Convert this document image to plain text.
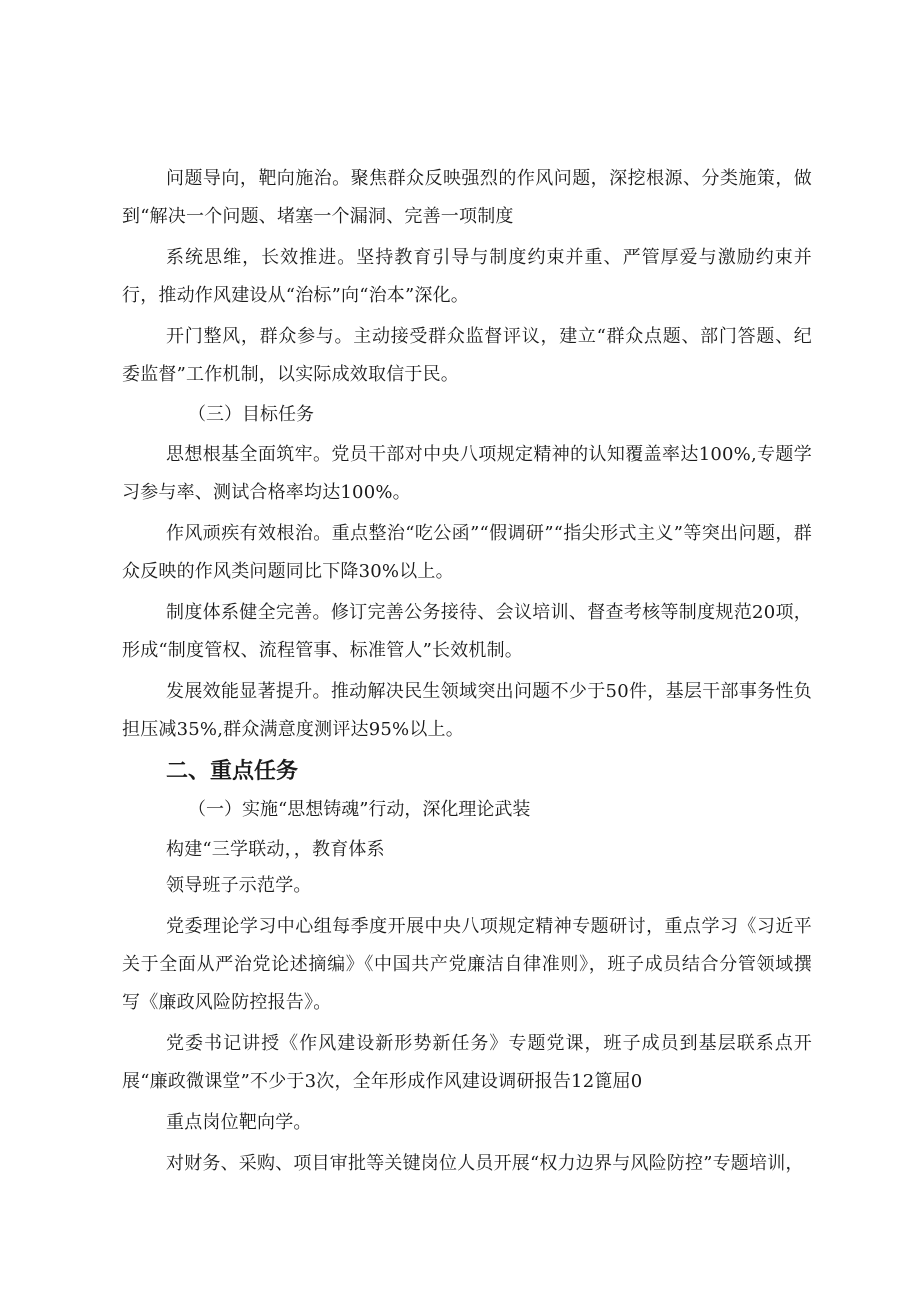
问题导向，靶向施治。聚焦群众反映强烈的作风问题，深挖根源、分类施策，做到“解决一个问题、堵塞一个漏洞、完善一项制度

系统思维，长效推进。坚持教育引导与制度约束并重、严管厚爱与激励约束并行，推动作风建设从“治标”向“治本”深化。

开门整风，群众参与。主动接受群众监督评议，建立“群众点题、部门答题、纪委监督”工作机制，以实际成效取信于民。

（三）目标任务

思想根基全面筑牢。党员干部对中央八项规定精神的认知覆盖率达100%,专题学习参与率、测试合格率均达100%。

作风顽疾有效根治。重点整治“吃公函”“假调研”“指尖形式主义”等突出问题，群众反映的作风类问题同比下降30%以上。

制度体系健全完善。修订完善公务接待、会议培训、督查考核等制度规范20项，形成“制度管权、流程管事、标准管人”长效机制。

发展效能显著提升。推动解决民生领域突出问题不少于50件，基层干部事务性负担压减35%,群众满意度测评达95%以上。

二、重点任务

（一）实施“思想铸魂”行动，深化理论武装

构建“三学联动，，教育体系

领导班子示范学。

党委理论学习中心组每季度开展中央八项规定精神专题研讨，重点学习《习近平关于全面从严治党论述摘编》《中国共产党廉洁自律准则》，班子成员结合分管领域撰写《廉政风险防控报告》。

党委书记讲授《作风建设新形势新任务》专题党课，班子成员到基层联系点开展“廉政微课堂”不少于3次，全年形成作风建设调研报告12篦屈0

重点岗位靶向学。

对财务、采购、项目审批等关键岗位人员开展“权力边界与风险防控”专题培训，
